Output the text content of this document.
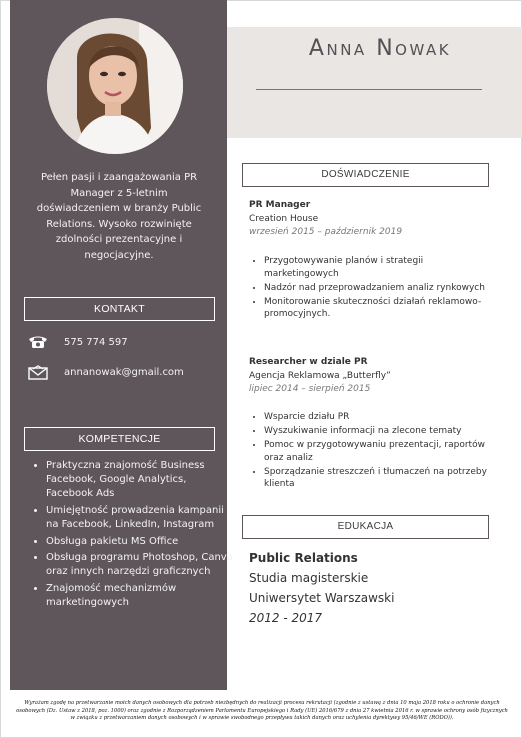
Pełen pasji i zaangażowania PR Manager z 5-letnim doświadczeniem w branży Public Relations. Wysoko rozwinięte zdolności prezentacyjne i negocjacyjne.
KONTAKT
575 774 597
annanowak@gmail.com
KOMPETENCJE
• Praktyczna znajomość Business Facebook, Google Analytics, Facebook Ads
• Umiejętność prowadzenia kampanii na Facebook, LinkedIn, Instagram
• Obsługa pakietu MS Office
• Obsługa programu Photoshop, Canva oraz innych narzędzi graficznych
• Znajomość mechanizmów marketingowych
Anna Nowak
DOŚWIADCZENIE
PR Manager
Creation House
wrzesień 2015 – październik 2019
• Przygotowywanie planów i strategii marketingowych
• Nadzór nad przeprowadzaniem analiz rynkowych
• Monitorowanie skuteczności działań reklamowo-promocyjnych.
Researcher w dziale PR
Agencja Reklamowa „Butterfly”
lipiec 2014 – sierpień 2015
• Wsparcie działu PR
• Wyszukiwanie informacji na zlecone tematy
• Pomoc w przygotowywaniu prezentacji, raportów oraz analiz
• Sporządzanie streszczeń i tłumaczeń na potrzeby klienta
EDUKACJA
Public Relations
Studia magisterskie
Uniwersytet Warszawski
2012 - 2017
Wyrażam zgodę na przetwarzanie moich danych osobowych dla potrzeb niezbędnych do realizacji procesu rekrutacji (zgodnie z ustawą z dnia 10 maja 2018 roku o ochronie danych osobowych (Dz. Ustaw z 2018, poz. 1000) oraz zgodnie z Rozporządzeniem Parlamentu Europejskiego i Rady (UE) 2016/679 z dnia 27 kwietnia 2016 r. w sprawie ochrony osób fizycznych w związku z przetwarzaniem danych osobowych i w sprawie swobodnego przepływu takich danych oraz uchylenia dyrektywy 95/46/WE (RODO)).
